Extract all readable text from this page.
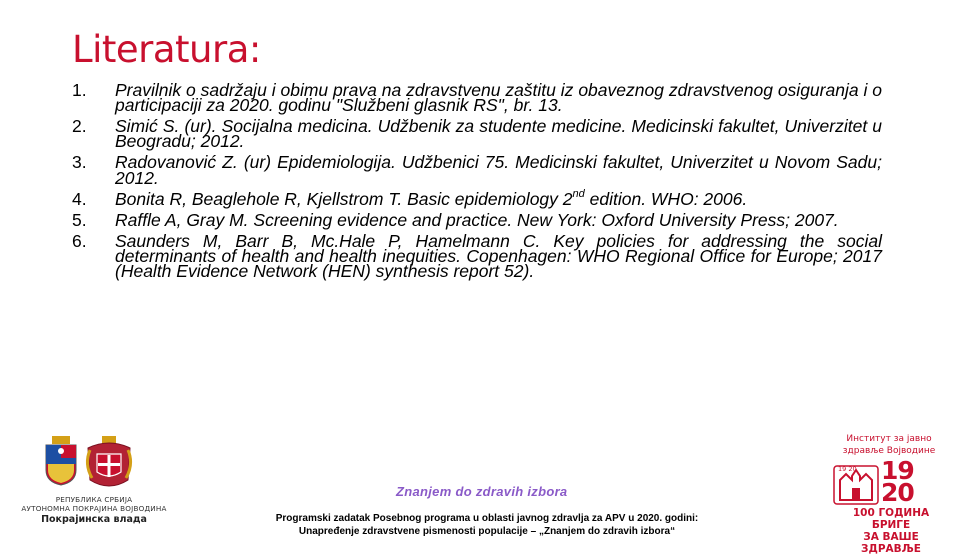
Literatura:
1. Pravilnik o sadržaju i obimu prava na zdravstvenu zaštitu iz obaveznog zdravstvenog osiguranja i o participaciji za 2020. godinu "Službeni glasnik RS", br. 13.
2. Simić S. (ur). Socijalna medicina. Udžbenik za studente medicine. Medicinski fakultet, Univerzitet u Beogradu; 2012.
3. Radovanović Z. (ur) Epidemiologija. Udžbenici 75. Medicinski fakultet, Univerzitet u Novom Sadu; 2012.
4. Bonita R, Beaglehole R, Kjellstrom T. Basic epidemiology 2nd edition. WHO: 2006.
5. Raffle A, Gray M. Screening evidence and practice. New York: Oxford University Press; 2007.
6. Saunders M, Barr B, Mc.Hale P, Hamelmann C. Key policies for addressing the social determinants of health and health inequities. Copenhagen: WHO Regional Office for Europe; 2017 (Health Evidence Network (HEN) synthesis report 52).
РЕПУБЛИКА СРБИЈА
АУТОНОМНА ПОКРАЈИНА ВОЈВОДИНА
Покрајинска влада
Znanjem do zdravih izbora
Programski zadatak Posebnog programa u oblasti javnog zdravlja za APV u 2020. godini:
Unapređenje zdravstvene pismenosti populacije – „Znanjem do zdravih izbora“
Институт за јавно
здравље Војводине
19 20 19
20
100 ГОДИНА БРИГЕ
ЗА ВАШЕ ЗДРАВЉЕ
